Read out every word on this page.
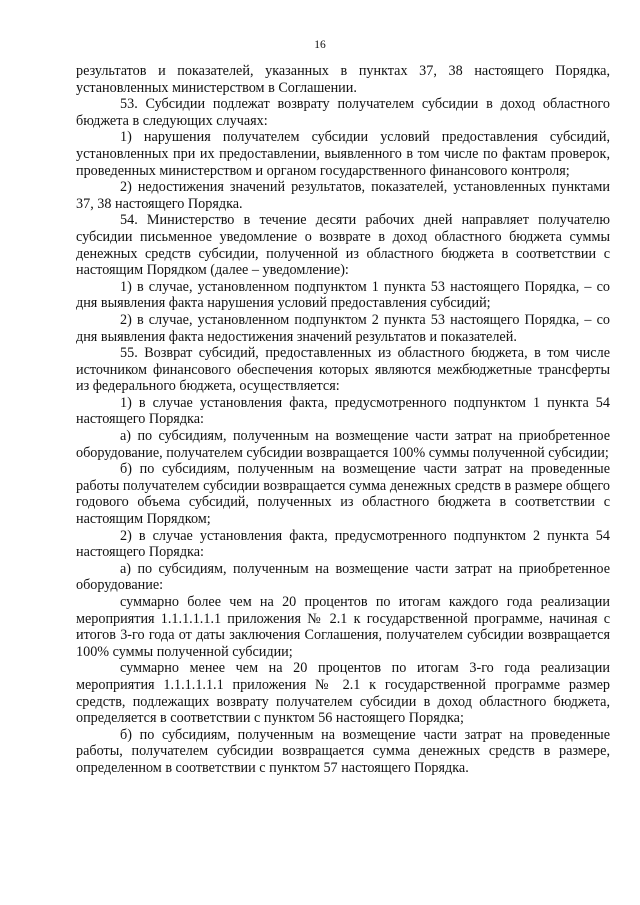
16

результатов и показателей, указанных в пунктах 37, 38 настоящего Порядка, установленных министерством в Соглашении.

53. Субсидии подлежат возврату получателем субсидии в доход областного бюджета в следующих случаях:

1) нарушения получателем субсидии условий предоставления субсидий, установленных при их предоставлении, выявленного в том числе по фактам проверок, проведенных министерством и органом государственного финансового контроля;

2) недостижения значений результатов, показателей, установленных пунктами 37, 38 настоящего Порядка.

54. Министерство в течение десяти рабочих дней направляет получателю субсидии письменное уведомление о возврате в доход областного бюджета суммы денежных средств субсидии, полученной из областного бюджета в соответствии с настоящим Порядком (далее – уведомление):

1) в случае, установленном подпунктом 1 пункта 53 настоящего Порядка, – со дня выявления факта нарушения условий предоставления субсидий;

2) в случае, установленном подпунктом 2 пункта 53 настоящего Порядка, – со дня выявления факта недостижения значений результатов и показателей.

55. Возврат субсидий, предоставленных из областного бюджета, в том числе источником финансового обеспечения которых являются межбюджетные трансферты из федерального бюджета, осуществляется:

1) в случае установления факта, предусмотренного подпунктом 1 пункта 54 настоящего Порядка:

а) по субсидиям, полученным на возмещение части затрат на приобретенное оборудование, получателем субсидии возвращается 100% суммы полученной субсидии;

б) по субсидиям, полученным на возмещение части затрат на проведенные работы получателем субсидии возвращается сумма денежных средств в размере общего годового объема субсидий, полученных из областного бюджета в соответствии с настоящим Порядком;

2) в случае установления факта, предусмотренного подпунктом 2 пункта 54 настоящего Порядка:

а) по субсидиям, полученным на возмещение части затрат на приобретенное оборудование:

суммарно более чем на 20 процентов по итогам каждого года реализации мероприятия 1.1.1.1.1.1 приложения № 2.1 к государственной программе, начиная с итогов 3-го года от даты заключения Соглашения, получателем субсидии возвращается 100% суммы полученной субсидии;

суммарно менее чем на 20 процентов по итогам 3-го года реализации мероприятия 1.1.1.1.1.1 приложения № 2.1 к государственной программе размер средств, подлежащих возврату получателем субсидии в доход областного бюджета, определяется в соответствии с пунктом 56 настоящего Порядка;

б) по субсидиям, полученным на возмещение части затрат на проведенные работы, получателем субсидии возвращается сумма денежных средств в размере, определенном в соответствии с пунктом 57 настоящего Порядка.
